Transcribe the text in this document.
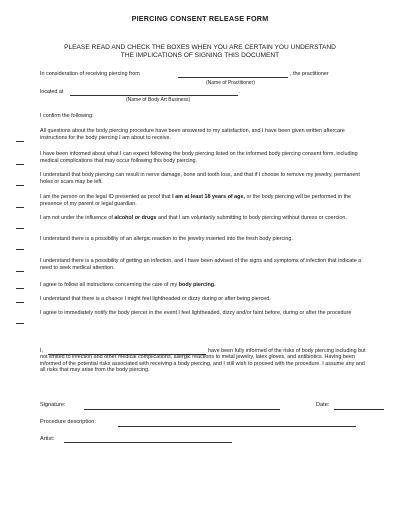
PIERCING CONSENT RELEASE FORM
PLEASE READ AND CHECK THE BOXES WHEN YOU ARE CERTAIN YOU UNDERSTAND
THE IMPLICATIONS OF SIGNING THIS DOCUMENT
In consideration of receiving piercing from	, the practitioner
(Name of Practitioner)
located at	.
(Name of Body Art Business)
I confirm the following:
All questions about the body piercing procedure have been answered to my satisfaction, and I have been given written aftercare instructions for the body piercing I am about to receive.
I have been informed about what I can expect following the body piercing listed on the informed body piercing consent form, including medical complications that may occur following this body piercing.
I understand that body piercing can result in nerve damage, bone and tooth loss, and that if I choose to remove my jewelry, permanent holes or scars may be left.
I am the person on the legal ID presented as proof that I am at least 18 years of age, or the body piercing will be performed in the presence of my parent or legal guardian.
I am not under the influence of alcohol or drugs and that I am voluntarily submitting to body piercing without duress or coercion.
I understand there is a possibility of an allergic reaction to the jewelry inserted into the fresh body piercing.
I understand there is a possibility of getting an infection, and I have been advised of the signs and symptoms of infection that indicate a need to seek medical attention.
I agree to follow all instructions concerning the care of my body piercing.
I understand that there is a chance I might feel lightheaded or dizzy during or after being pierced.
I agree to immediately notify the body piercer in the event I feel lightheaded, dizzy and/or faint before, during or after the procedure
I,	have been fully informed of the risks of body piercing including but not limited to infection and other medical complications, allergic reactions to metal jewelry, latex gloves, and antibiotics. Having been informed of the potential risks associated with receiving a body piercing, and I still wish to proceed with the procedure. I assume any and all risks that may arise from the body piercing.
Signature:	Date:
Procedure description:
Artist:
